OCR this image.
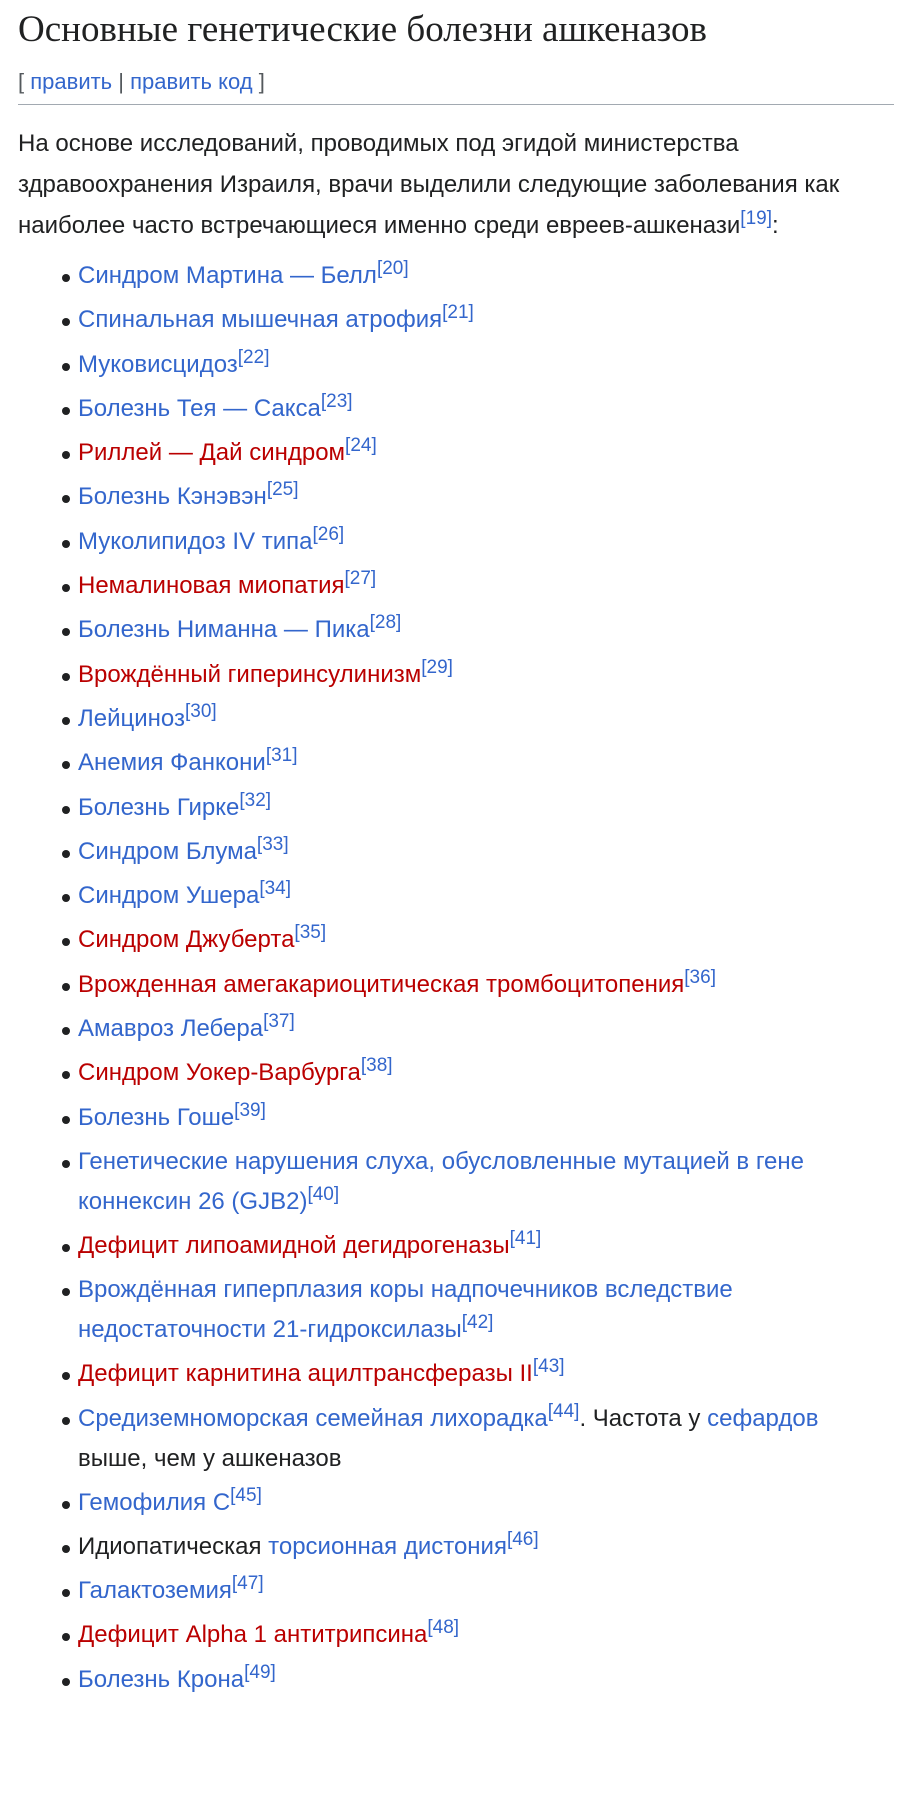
Основные генетические болезни ашкеназов
[ править | править код ]

На основе исследований, проводимых под эгидой министерства здравоохранения Израиля, врачи выделили следующие заболевания как наиболее часто встречающиеся именно среди евреев-ашкенази[19]:

Синдром Мартина — Белл[20]
Спинальная мышечная атрофия[21]
Муковисцидоз[22]
Болезнь Тея — Сакса[23]
Риллей — Дай синдром[24]
Болезнь Кэнэвэн[25]
Муколипидоз IV типа[26]
Немалиновая миопатия[27]
Болезнь Ниманна — Пика[28]
Врождённый гиперинсулинизм[29]
Лейциноз[30]
Анемия Фанкони[31]
Болезнь Гирке[32]
Синдром Блума[33]
Синдром Ушера[34]
Синдром Джуберта[35]
Врожденная амегакариоцитическая тромбоцитопения[36]
Амавроз Лебера[37]
Синдром Уокер-Варбурга[38]
Болезнь Гоше[39]
Генетические нарушения слуха, обусловленные мутацией в гене коннексин 26 (GJB2)[40]
Дефицит липоамидной дегидрогеназы[41]
Врождённая гиперплазия коры надпочечников вследствие недостаточности 21-гидроксилазы[42]
Дефицит карнитина ацилтрансферазы II[43]
Средиземноморская семейная лихорадка[44]. Частота у сефардов выше, чем у ашкеназов
Гемофилия C[45]
Идиопатическая торсионная дистония[46]
Галактоземия[47]
Дефицит Alpha 1 антитрипсина[48]
Болезнь Крона[49]
